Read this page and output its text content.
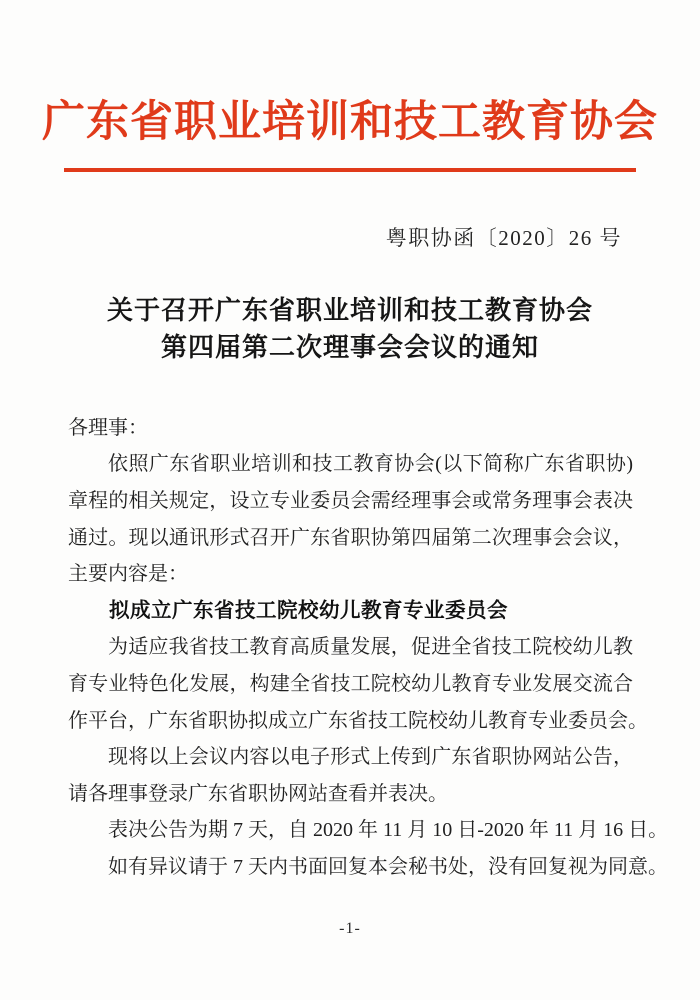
广东省职业培训和技工教育协会
粤职协函〔2020〕26 号
关于召开广东省职业培训和技工教育协会
第四届第二次理事会会议的通知
各理事：
依照广东省职业培训和技工教育协会(以下简称广东省职协)
章程的相关规定，设立专业委员会需经理事会或常务理事会表决
通过。现以通讯形式召开广东省职协第四届第二次理事会会议，
主要内容是：
拟成立广东省技工院校幼儿教育专业委员会
为适应我省技工教育高质量发展，促进全省技工院校幼儿教
育专业特色化发展，构建全省技工院校幼儿教育专业发展交流合
作平台，广东省职协拟成立广东省技工院校幼儿教育专业委员会。
现将以上会议内容以电子形式上传到广东省职协网站公告，
请各理事登录广东省职协网站查看并表决。
表决公告为期 7 天，自 2020 年 11 月 10 日-2020 年 11 月 16 日。
如有异议请于 7 天内书面回复本会秘书处，没有回复视为同意。
-1-
